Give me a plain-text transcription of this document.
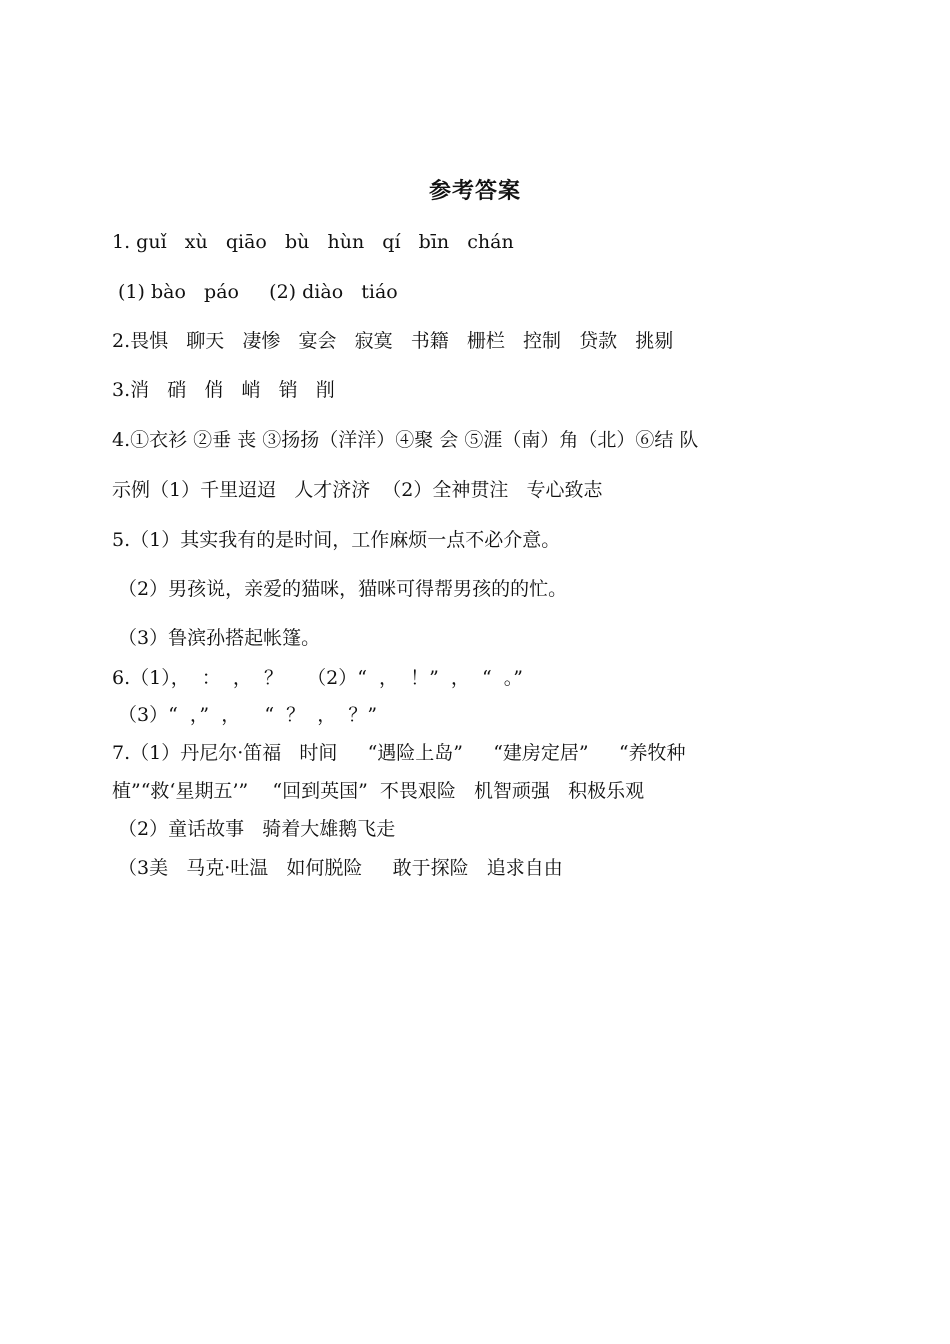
参考答案
1. guǐ   xù   qiāo   bù   hùn   qí   bīn   chán
(1) bào   páo     (2) diào   tiáo
2.畏惧   聊天   凄惨   宴会   寂寞   书籍   栅栏   控制   贷款   挑剔
3.消   硝   俏   峭   销   削
4.①衣衫 ②垂 丧 ③扬扬（洋洋）④聚 会 ⑤涯（南）角（北）⑥结 队
示例（1）千里迢迢   人才济济  （2）全神贯注   专心致志
5.（1）其实我有的是时间，工作麻烦一点不必介意。
（2）男孩说，亲爱的猫咪，猫咪可得帮男孩的的忙。
（3）鲁滨孙搭起帐篷。
6.（1），  ：  ，  ？    （2）“  ，  ！”  ，  “  。”
（3）“  ，”  ，    “  ？  ，  ？”
7.（1）丹尼尔·笛福   时间     “遇险上岛”     “建房定居”     “养牧种
植”“救‘星期五’”    “回到英国”  不畏艰险   机智顽强   积极乐观
（2）童话故事   骑着大雄鹅飞走
（3美   马克·吐温   如何脱险     敢于探险   追求自由
